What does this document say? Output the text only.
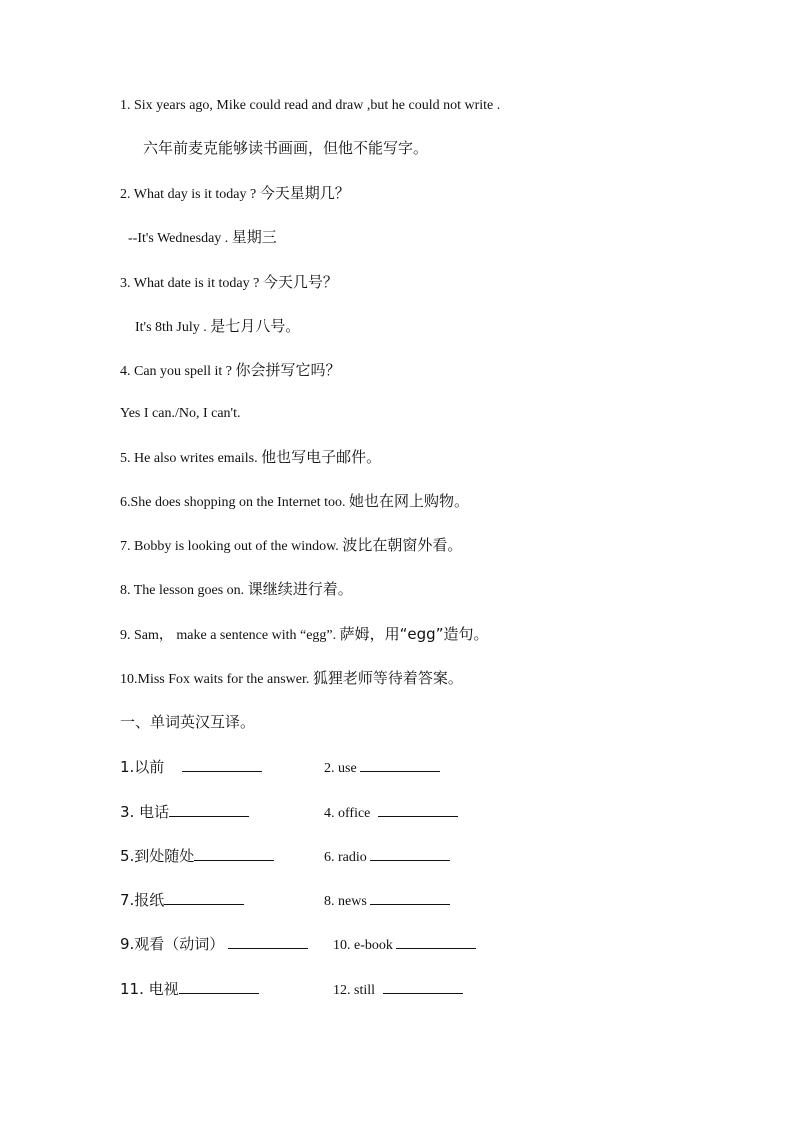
1. Six years ago, Mike could read and draw ,but he could not write .
六年前麦克能够读书画画，但他不能写字。
2. What day is it today ? 今天星期几？
--It's Wednesday . 星期三
3. What date is it today ? 今天几号？
It's 8th July . 是七月八号。
4. Can you spell it ? 你会拼写它吗？
Yes I can./No, I can't.
5. He also writes emails. 他也写电子邮件。
6.She does shopping on the Internet too. 她也在网上购物。
7. Bobby is looking out of the window. 波比在朝窗外看。
8. The lesson goes on. 课继续进行着。
9. Sam， make a sentence with “egg”. 萨姆，用“egg”造句。
10.Miss Fox waits for the answer. 狐狸老师等待着答案。
一、单词英汉互译。
1.以前	2. use
3. 电话	4. office
5.到处随处	6. radio
7.报纸	8. news
9.观看（动词）	10. e-book
11. 电视	12. still
